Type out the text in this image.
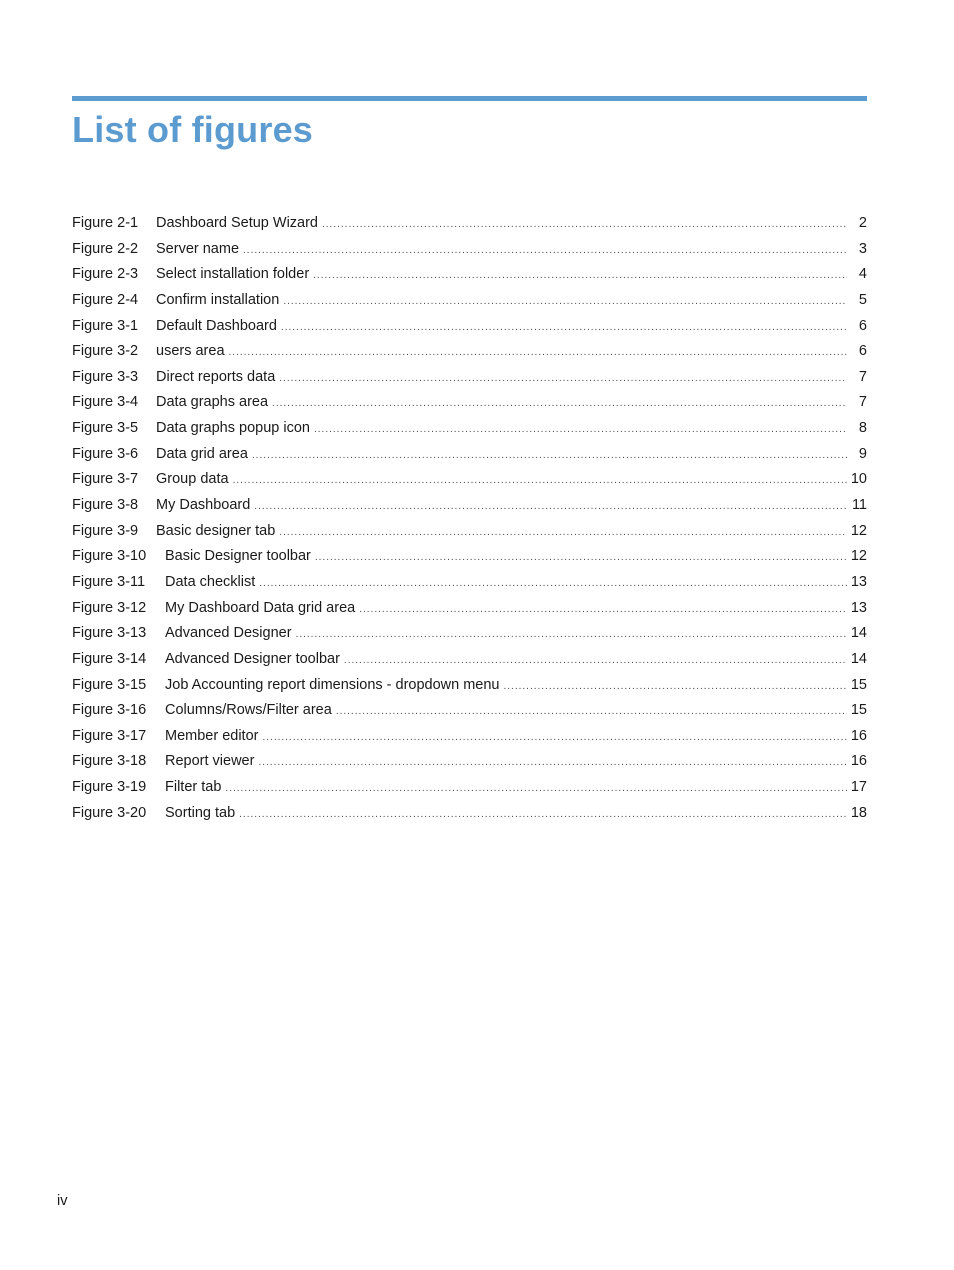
List of figures
Figure 2-1	Dashboard Setup Wizard .....	2
Figure 2-2	Server name .....	3
Figure 2-3	Select installation folder .....	4
Figure 2-4	Confirm installation .....	5
Figure 3-1	Default Dashboard .....	6
Figure 3-2	users area .....	6
Figure 3-3	Direct reports data .....	7
Figure 3-4	Data graphs area .....	7
Figure 3-5	Data graphs popup icon .....	8
Figure 3-6	Data grid area .....	9
Figure 3-7	Group data .....	10
Figure 3-8	My Dashboard .....	11
Figure 3-9	Basic designer tab .....	12
Figure 3-10	Basic Designer toolbar .....	12
Figure 3-11	Data checklist .....	13
Figure 3-12	My Dashboard Data grid area .....	13
Figure 3-13	Advanced Designer .....	14
Figure 3-14	Advanced Designer toolbar .....	14
Figure 3-15	Job Accounting report dimensions - dropdown menu .....	15
Figure 3-16	Columns/Rows/Filter area .....	15
Figure 3-17	Member editor .....	16
Figure 3-18	Report viewer .....	16
Figure 3-19	Filter tab .....	17
Figure 3-20	Sorting tab .....	18
iv
